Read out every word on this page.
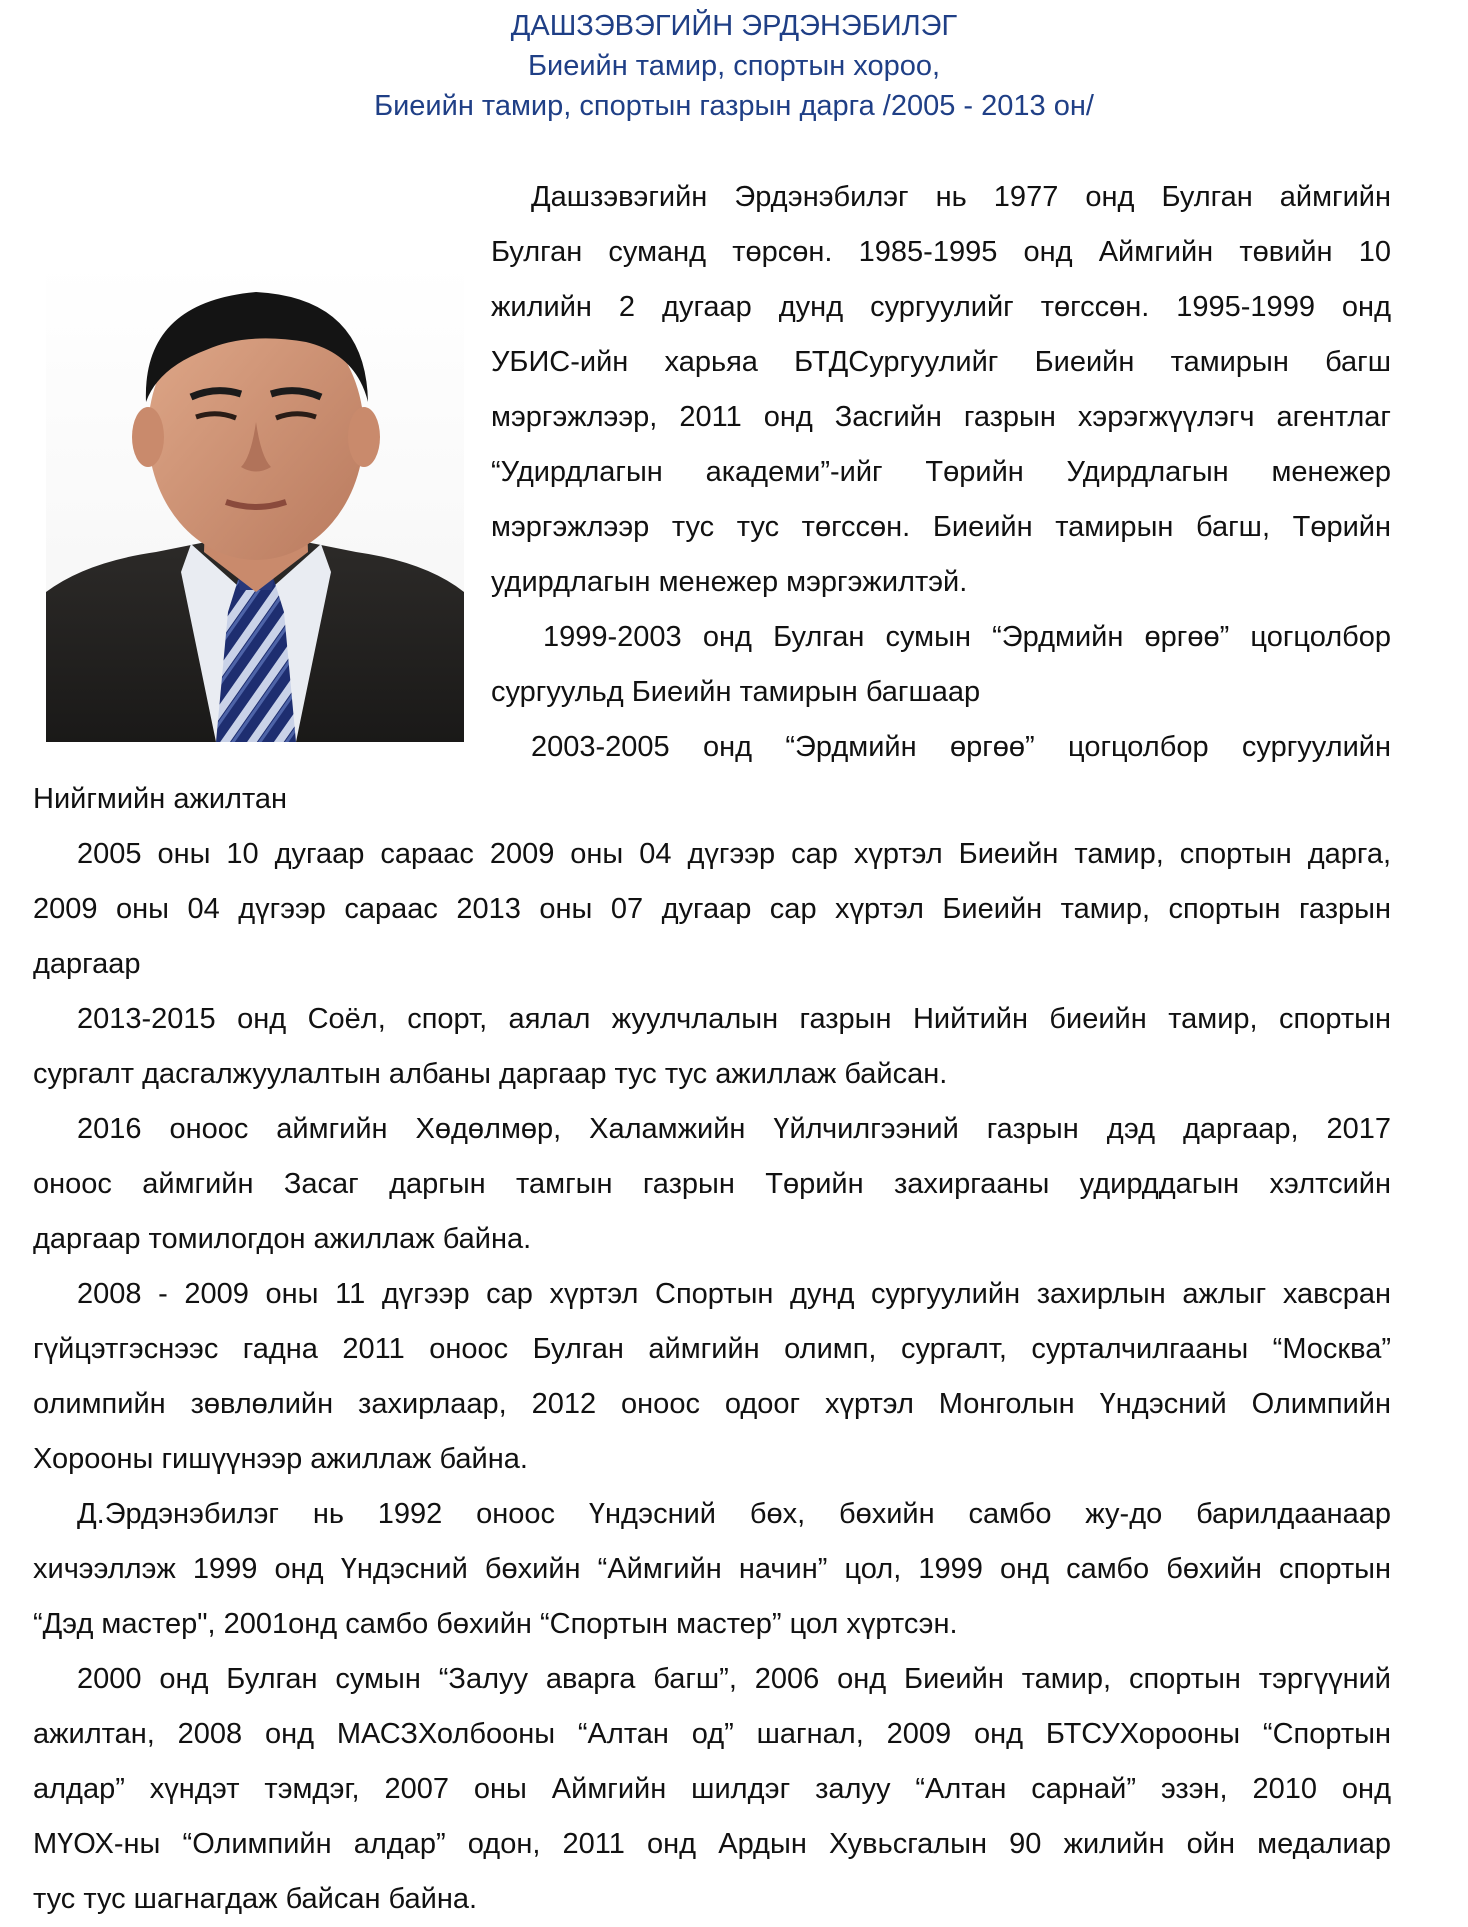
ДАШЗЭВЭГИЙН ЭРДЭНЭБИЛЭГ
Биеийн тамир, спортын хороо,
Биеийн тамир, спортын газрын дарга /2005 - 2013 он/

Дашзэвэгийн Эрдэнэбилэг нь 1977 онд Булган аймгийн
Булган суманд төрсөн. 1985-1995 онд Аймгийн төвийн 10
жилийн 2 дугаар дунд сургуулийг төгссөн. 1995-1999 онд
УБИС-ийн харьяа БТДСургуулийг Биеийн тамирын багш
мэргэжлээр, 2011 онд Засгийн газрын хэрэгжүүлэгч агентлаг
“Удирдлагын академи”-ийг Төрийн Удирдлагын менежер
мэргэжлээр тус тус төгссөн. Биеийн тамирын багш, Төрийн
удирдлагын менежер мэргэжилтэй.

1999-2003 онд Булган сумын “Эрдмийн өргөө” цогцолбор
сургуульд Биеийн тамирын багшаар

2003-2005 онд “Эрдмийн өргөө” цогцолбор сургуулийн

Нийгмийн ажилтан

2005 оны 10 дугаар сараас 2009 оны 04 дүгээр сар хүртэл Биеийн тамир, спортын дарга,
2009 оны 04 дүгээр сараас 2013 оны 07 дугаар сар хүртэл Биеийн тамир, спортын газрын
даргаар

2013-2015 онд Соёл, спорт, аялал жуулчлалын газрын Нийтийн биеийн тамир, спортын
сургалт дасгалжуулалтын албаны даргаар тус тус ажиллаж байсан.

2016 оноос аймгийн Хөдөлмөр, Халамжийн Үйлчилгээний газрын дэд даргаар, 2017
оноос аймгийн Засаг даргын тамгын газрын Төрийн захиргааны удирддагын хэлтсийн
даргаар томилогдон ажиллаж байна.

2008 - 2009 оны 11 дүгээр сар хүртэл Спортын дунд сургуулийн захирлын ажлыг хавсран
гүйцэтгэснээс гадна 2011 оноос Булган аймгийн олимп, сургалт, сурталчилгааны “Москва”
олимпийн зөвлөлийн захирлаар, 2012 оноос одоог хүртэл Монголын Үндэсний Олимпийн
Хорооны гишүүнээр ажиллаж байна.

Д.Эрдэнэбилэг нь 1992 оноос Үндэсний бөх, бөхийн самбо жу-до барилдаанаар
хичээллэж 1999 онд Үндэсний бөхийн “Аймгийн начин” цол, 1999 онд самбо бөхийн спортын
“Дэд мастер", 2001онд самбо бөхийн “Спортын мастер” цол хүртсэн.

2000 онд Булган сумын “Залуу аварга багш”, 2006 онд Биеийн тамир, спортын тэргүүний
ажилтан, 2008 онд МАСЗХолбооны “Алтан од” шагнал, 2009 онд БТСУХорооны “Спортын
алдар” хүндэт тэмдэг, 2007 оны Аймгийн шилдэг залуу “Алтан сарнай” эзэн, 2010 онд
МҮОХ-ны “Олимпийн алдар” одон, 2011 онд Ардын Хувьсгалын 90 жилийн ойн медалиар
тус тус шагнагдаж байсан байна.
